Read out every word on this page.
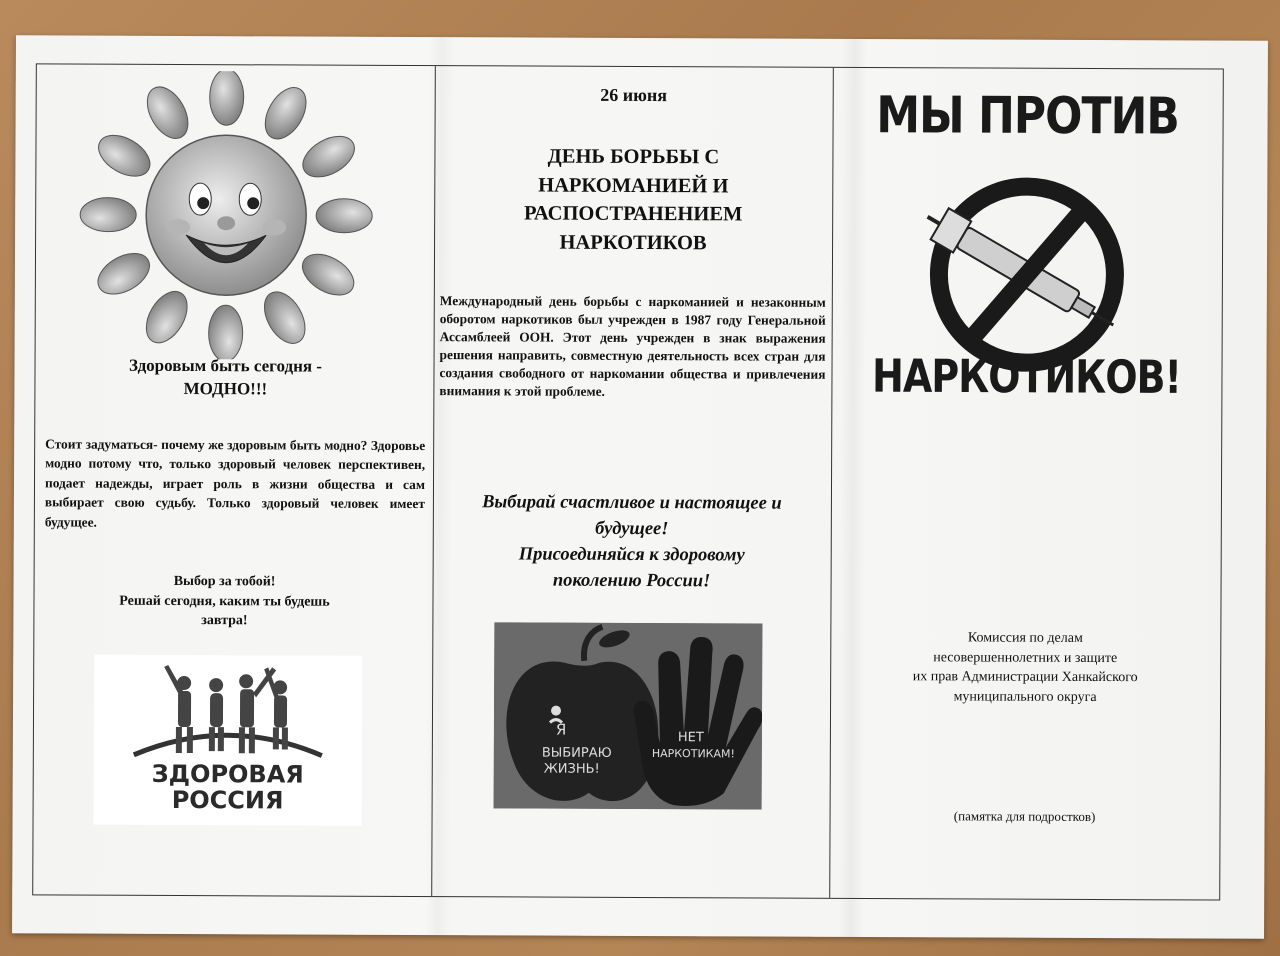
Здоровым быть сегодня -
МОДНО!!!
Стоит задуматься- почему же здоровым быть модно? Здоровье модно потому что, только здоровый человек перспективен, подает надежды, играет роль в жизни общества и сам выбирает свою судьбу. Только здоровый человек имеет будущее.
Выбор за тобой!
Решай сегодня, каким ты будешь
завтра!
ЗДОРОВАЯ
РОССИЯ
26 июня
ДЕНЬ БОРЬБЫ С
НАРКОМАНИЕЙ И
РАСПОСТРАНЕНИЕМ
НАРКОТИКОВ
Международный день борьбы с наркоманией и незаконным оборотом наркотиков был учрежден в 1987 году Генеральной Ассамблеей ООН. Этот день учрежден в знак выражения решения направить, совместную деятельность всех стран для создания свободного от наркомании общества и привлечения внимания к этой проблеме.
Выбирай счастливое и настоящее и
будущее!
Присоединяйся к здоровому
поколению России!
Я
ВЫБИРАЮ
ЖИЗНЬ!
НЕТ
НАРКОТИКАМ!
МЫ ПРОТИВ
НАРКОТИКОВ!
Комиссия по делам
несовершеннолетних и защите
их прав Администрации Ханкайского
муниципального округа
(памятка для подростков)
